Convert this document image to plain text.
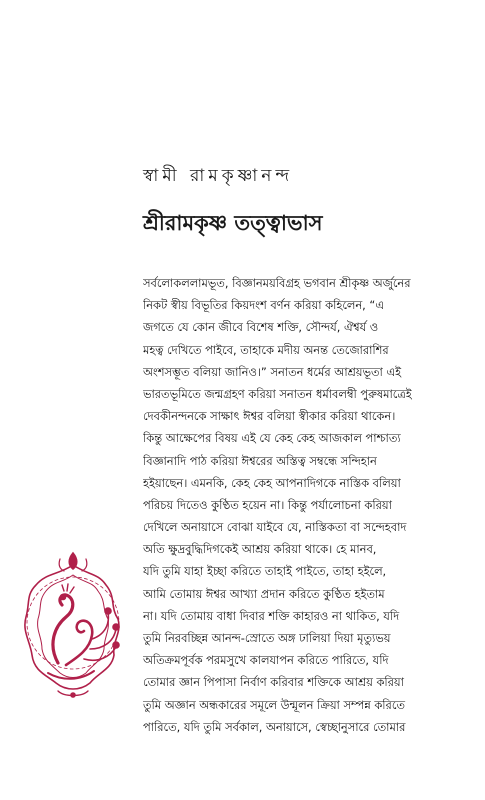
স্বামী রামকৃষ্ণানন্দ
শ্রীরামকৃষ্ণ তত্ত্বাভাস
সর্বলোকললামভূত, বিজ্ঞানময়বিগ্রহ ভগবান শ্রীকৃষ্ণ অর্জুনের
নিকট স্বীয় বিভূতির কিয়দংশ বর্ণন করিয়া কহিলেন, “এ
জগতে যে কোন জীবে বিশেষ শক্তি, সৌন্দর্য, ঐশ্বর্য ও
মহত্ব দেখিতে পাইবে, তাহাকে মদীয় অনন্ত তেজোরাশির
অংশসম্ভূত বলিয়া জানিও।” সনাতন ধর্মের আশ্রয়ভূতা এই
ভারতভূমিতে জন্মগ্রহণ করিয়া সনাতন ধর্মাবলম্বী পুরুষমাত্রেই
দেবকীনন্দনকে সাক্ষাৎ ঈশ্বর বলিয়া স্বীকার করিয়া থাকেন।
কিন্তু আক্ষেপের বিষয় এই যে কেহ কেহ আজকাল পাশ্চাত্য
বিজ্ঞানাদি পাঠ করিয়া ঈশ্বরের অস্তিত্ব সম্বন্ধে সন্দিহান
হইয়াছেন। এমনকি, কেহ কেহ আপনাদিগকে নাস্তিক বলিয়া
পরিচয় দিতেও কুণ্ঠিত হয়েন না। কিন্তু পর্যালোচনা করিয়া
দেখিলে অনায়াসে বোঝা যাইবে যে, নাস্তিকতা বা সন্দেহবাদ
অতি ক্ষুদ্রবুদ্ধিদিগকেই আশ্রয় করিয়া থাকে। হে মানব,
যদি তুমি যাহা ইচ্ছা করিতে তাহাই পাইতে, তাহা হইলে,
আমি তোমায় ঈশ্বর আখ্যা প্রদান করিতে কুণ্ঠিত হইতাম
না। যদি তোমায় বাধা দিবার শক্তি কাহারও না থাকিত, যদি
তুমি নিরবচ্ছিন্ন আনন্দ-স্রোতে অঙ্গ ঢালিয়া দিয়া মৃত্যুভয়
অতিক্রমপূর্বক পরমসুখে কালযাপন করিতে পারিতে, যদি
তোমার জ্ঞান পিপাসা নির্বাণ করিবার শক্তিকে আশ্রয় করিয়া
তুমি অজ্ঞান অন্ধকারের সমূলে উন্মূলন ক্রিয়া সম্পন্ন করিতে
পারিতে, যদি তুমি সর্বকাল, অনায়াসে, স্বেচ্ছানুসারে তোমার
